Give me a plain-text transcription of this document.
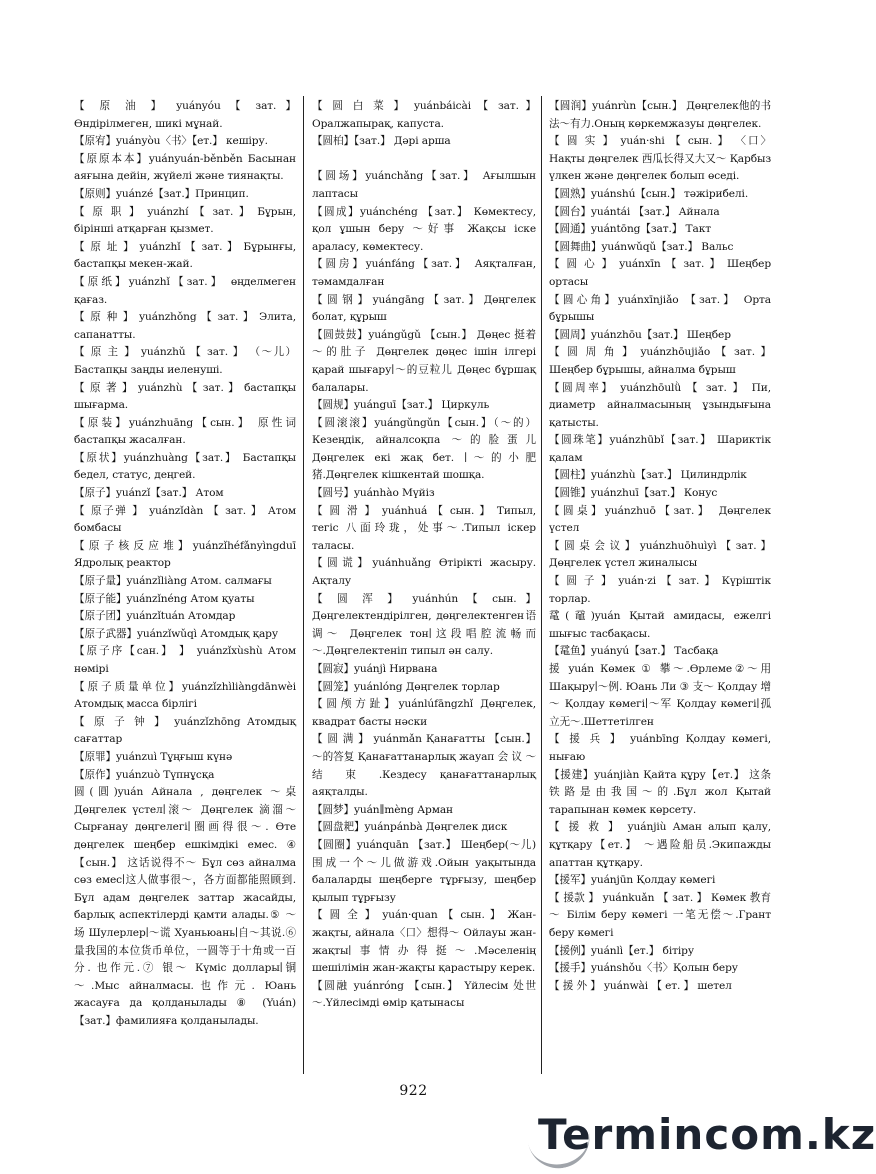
【 原 油 】 yuányóu 【 зат. 】 Өндірілмеген, шикі мұнай.

【原宥】yuányòu〈书〉【ет.】 кешіру.

【原原本本】yuányuán-běnběn Басынан аяғына дейін, жүйелі және тиянақты.

【原则】yuánzé【зат.】Принцип.

【 原 职 】 yuánzhí 【 зат. 】 Бұрын, бірінші атқарған қызмет.

【 原 址 】 yuánzhǐ 【 зат. 】 Бұрынғы, бастапқы мекен-жай.

【原纸】yuánzhǐ【зат.】 өңделмеген қағаз.

【 原 种 】 yuánzhǒng 【 зат. 】 Элита, сапанатты.

【 原 主 】 yuánzhǔ 【 зат. 】 （～儿） Бастапқы заңды иеленуші.

【 原 著 】 yuánzhù 【 зат. 】 бастапқы шығарма.

【原装】yuánzhuāng【сын.】 原性词 бастапқы жасалған.

【原状】yuánzhuàng【зат.】 Бастапқы бедел, статус, деңгей.

【原子】yuánzǐ【зат.】 Атом

【 原子弹 】 yuánzǐdàn 【 зат. 】 Атом бомбасы

【原子核反应堆】yuánzǐhéfǎnyìngduī Ядролық реактор

【原子量】yuánzǐliàng Атом. салмағы

【原子能】yuánzǐnéng Атом қуаты

【原子团】yuánzǐtuán Атомдар

【原子武器】yuánzǐwǔqì Атомдық қару

【原子序【сан.】 】 yuánzǐxùshù Атом нөмірі

【原子质量单位】yuánzǐzhìliàngdānwèi Атомдық масса бірлігі

【 原 子 钟 】 yuánzǐzhōng Атомдық сағаттар

【原罪】yuánzuì Тұңғыш күнә

【原作】yuánzuò Түпнұсқа

圆(圓)yuán Айнала , дөңгелек ～桌 Дөңгелек үстел∣滚～ Дөңгелек 滴溜～ Сырғанау дөңгелегі∣圈画得很～. Өте дөңгелек шеңбер ешкімдікі емес. ④【сын.】 这话说得不～ Бұл сөз айналма сөз емес∣这人做事很～，各方面都能照顾到. Бұл адам дөңгелек заттар жасайды, барлық аспектілерді қамти алады.⑤ ～场 Шулерлер∣～谎 Хуаньюань∣自～其说.⑥ 量我国的本位货币单位，一圆等于十角或一百分. 也作元.⑦ 银～ Күміс доллары∣铜～.Мыс айналмасы.也作元. Юань жасауға да қолданылады ⑧ (Yuán) 【зат.】фамилияға қолданылады.

【 圆 白 菜 】 yuánbáicài 【 зат. 】 Оралжапырақ, капуста.

【圆柏】【зат.】 Дәрі арша

【圆场】yuánchǎng【зат.】 Ағылшын лаптасы

【圆成】yuánchéng 【зат.】 Көмектесу, қол ұшын беру ～好事 Жақсы іске араласу, көмектесу.

【圆房】yuánfáng【зат.】 Аяқталған, тәмамдалған

【 圆 钢 】 yuángāng 【 зат. 】 Дөңгелек болат, құрыш

【圆鼓鼓】yuángǔgǔ 【сын.】 Дөңес 挺着～的肚子 Дөңгелек дөңес ішін ілгері қарай шығару∣～的豆粒儿 Дөңес бұршақ балалары.

【圆规】yuánguī【зат.】 Циркуль

【圆滚滚】yuángǔngǔn【сын.】（～的） Кезеңдік, айналсоқпа ～的脸蛋儿 Дөңгелек екі жақ бет. ∣～的小肥猪.Дөңгелек кішкентай шошқа.

【圆号】yuánhào Мүйіз

【 圆 滑 】 yuánhuá 【 сын. 】 Типыл, тегіс 八面玲珑，处事～.Типыл іскер таласы.

【圆谎】yuánhuǎng Өтірікті жасыру. Ақталу

【 圆 浑 】 yuánhún 【 сын. 】 Дөңгелектендірілген, дөңгелектенген语调～ Дөңгелек тон∣这段唱腔流畅而～.Дөңгелектеніп типыл ән салу.

【圆寂】yuánjì Нирвана

【圆笼】yuánlóng Дөңгелек торлар

【圆颅方趾】yuánlúfāngzhǐ Дөңгелек, квадрат басты нәски

【 圆 满 】 yuánmǎn Қанағатты 【сын.】 ～的答复 Қанағаттанарлық жауап 会 议 ～ 结 束 .Кездесу қанағаттанарлық аяқталды.

【圆梦】yuán∥mèng Арман

【圆盘耙】yuánpánbà Дөңгелек диск

【圆圈】yuánquān 【зат.】 Шеңбер(～儿) 围成一个～儿做游戏.Ойын уақытында балаларды шеңберге тұрғызу, шеңбер қылып тұрғызу

【 圆 全 】 yuán·quan 【 сын. 】 Жан-жақты, айнала〈口〉想得～ Ойлауы жан-жақты∣事情办得挺～.Мәселенің шешілімін жан-жақты қарастыру керек.

【圆融 yuánróng 【сын.】 Үйлесім 处世～.Үйлесімді өмір қатынасы

【圆润】yuánrùn【сын.】 Дөңгелек他的书法～有力.Оның көркемжазуы дөңгелек.

【 圆 实 】 yuán·shi 【 сын. 】 〈口〉 Нақты дөңгелек 西瓜长得又大又～ Қарбыз үлкен және дөңгелек болып өседі.

【圆熟】yuánshú【сын.】 тәжірибелі.

【圆台】yuántái 【зат.】 Айнала

【圆通】yuántōng【зат.】 Такт

【圆舞曲】yuánwǔqǔ【зат.】 Вальс

【 圆 心 】 yuánxīn 【 зат. 】 Шеңбер ортасы

【圆心角】yuánxīnjiǎo 【зат.】 Орта бұрышы

【圆周】yuánzhōu【зат.】 Шеңбер

【 圆 周 角 】 yuánzhōujiǎo 【 зат. 】 Шеңбер бұрышы, айналма бұрыш

【圆周率】 yuánzhōulǜ 【 зат. 】 Пи, диаметр айналмасының ұзындығына қатысты.

【圆珠笔】yuánzhūbǐ【зат.】 Шариктік қалам

【圆柱】yuánzhù【зат.】 Цилиндрлік

【圆锥】yuánzhuī【зат.】 Конус

【圆桌】yuánzhuō【зат.】 Дөңгелек үстел

【 圆 桌 会 议 】 yuánzhuōhuìyì 【 зат. 】 Дөңгелек үстел жиналысы

【 圆 子 】 yuán·zi 【 зат. 】 Күріштік торлар.

鼋(黿)yuán Қытай амидасы, ежелгі шығыс тасбақасы.

【鼋鱼】yuányú【зат.】 Тасбақа

援 yuán Көмек ① 攀～.Өрлеме②～用 Шақыру∣～例. Юань Ли ③ 支～ Қолдау 增～ Қолдау көмегі∣～军 Қолдау көмегі∣孤立无～.Шеттетілген

【 援 兵 】 yuánbīng Қолдау көмегі, нығаю

【援建】yuánjiàn Қайта құру【ет.】 这条铁路是由我国～的.Бұл жол Қытай тарапынан көмек көрсету.

【 援 救 】 yuánjiù Аман алып қалу, құтқару【ет.】 ～遇险船员.Экипажды апаттан құтқару.

【援军】yuánjūn Қолдау көмегі

【 援款 】 yuánkuǎn 【 зат. 】 Көмек 教育～ Білім беру көмегі 一笔无偿～.Грант беру көмегі

【援例】yuánlì【ет.】 бітіру

【援手】yuánshǒu〈书〉Қолын беру

【 援 外 】 yuánwài 【 ет. 】 шетел

922
Termincom.kz
